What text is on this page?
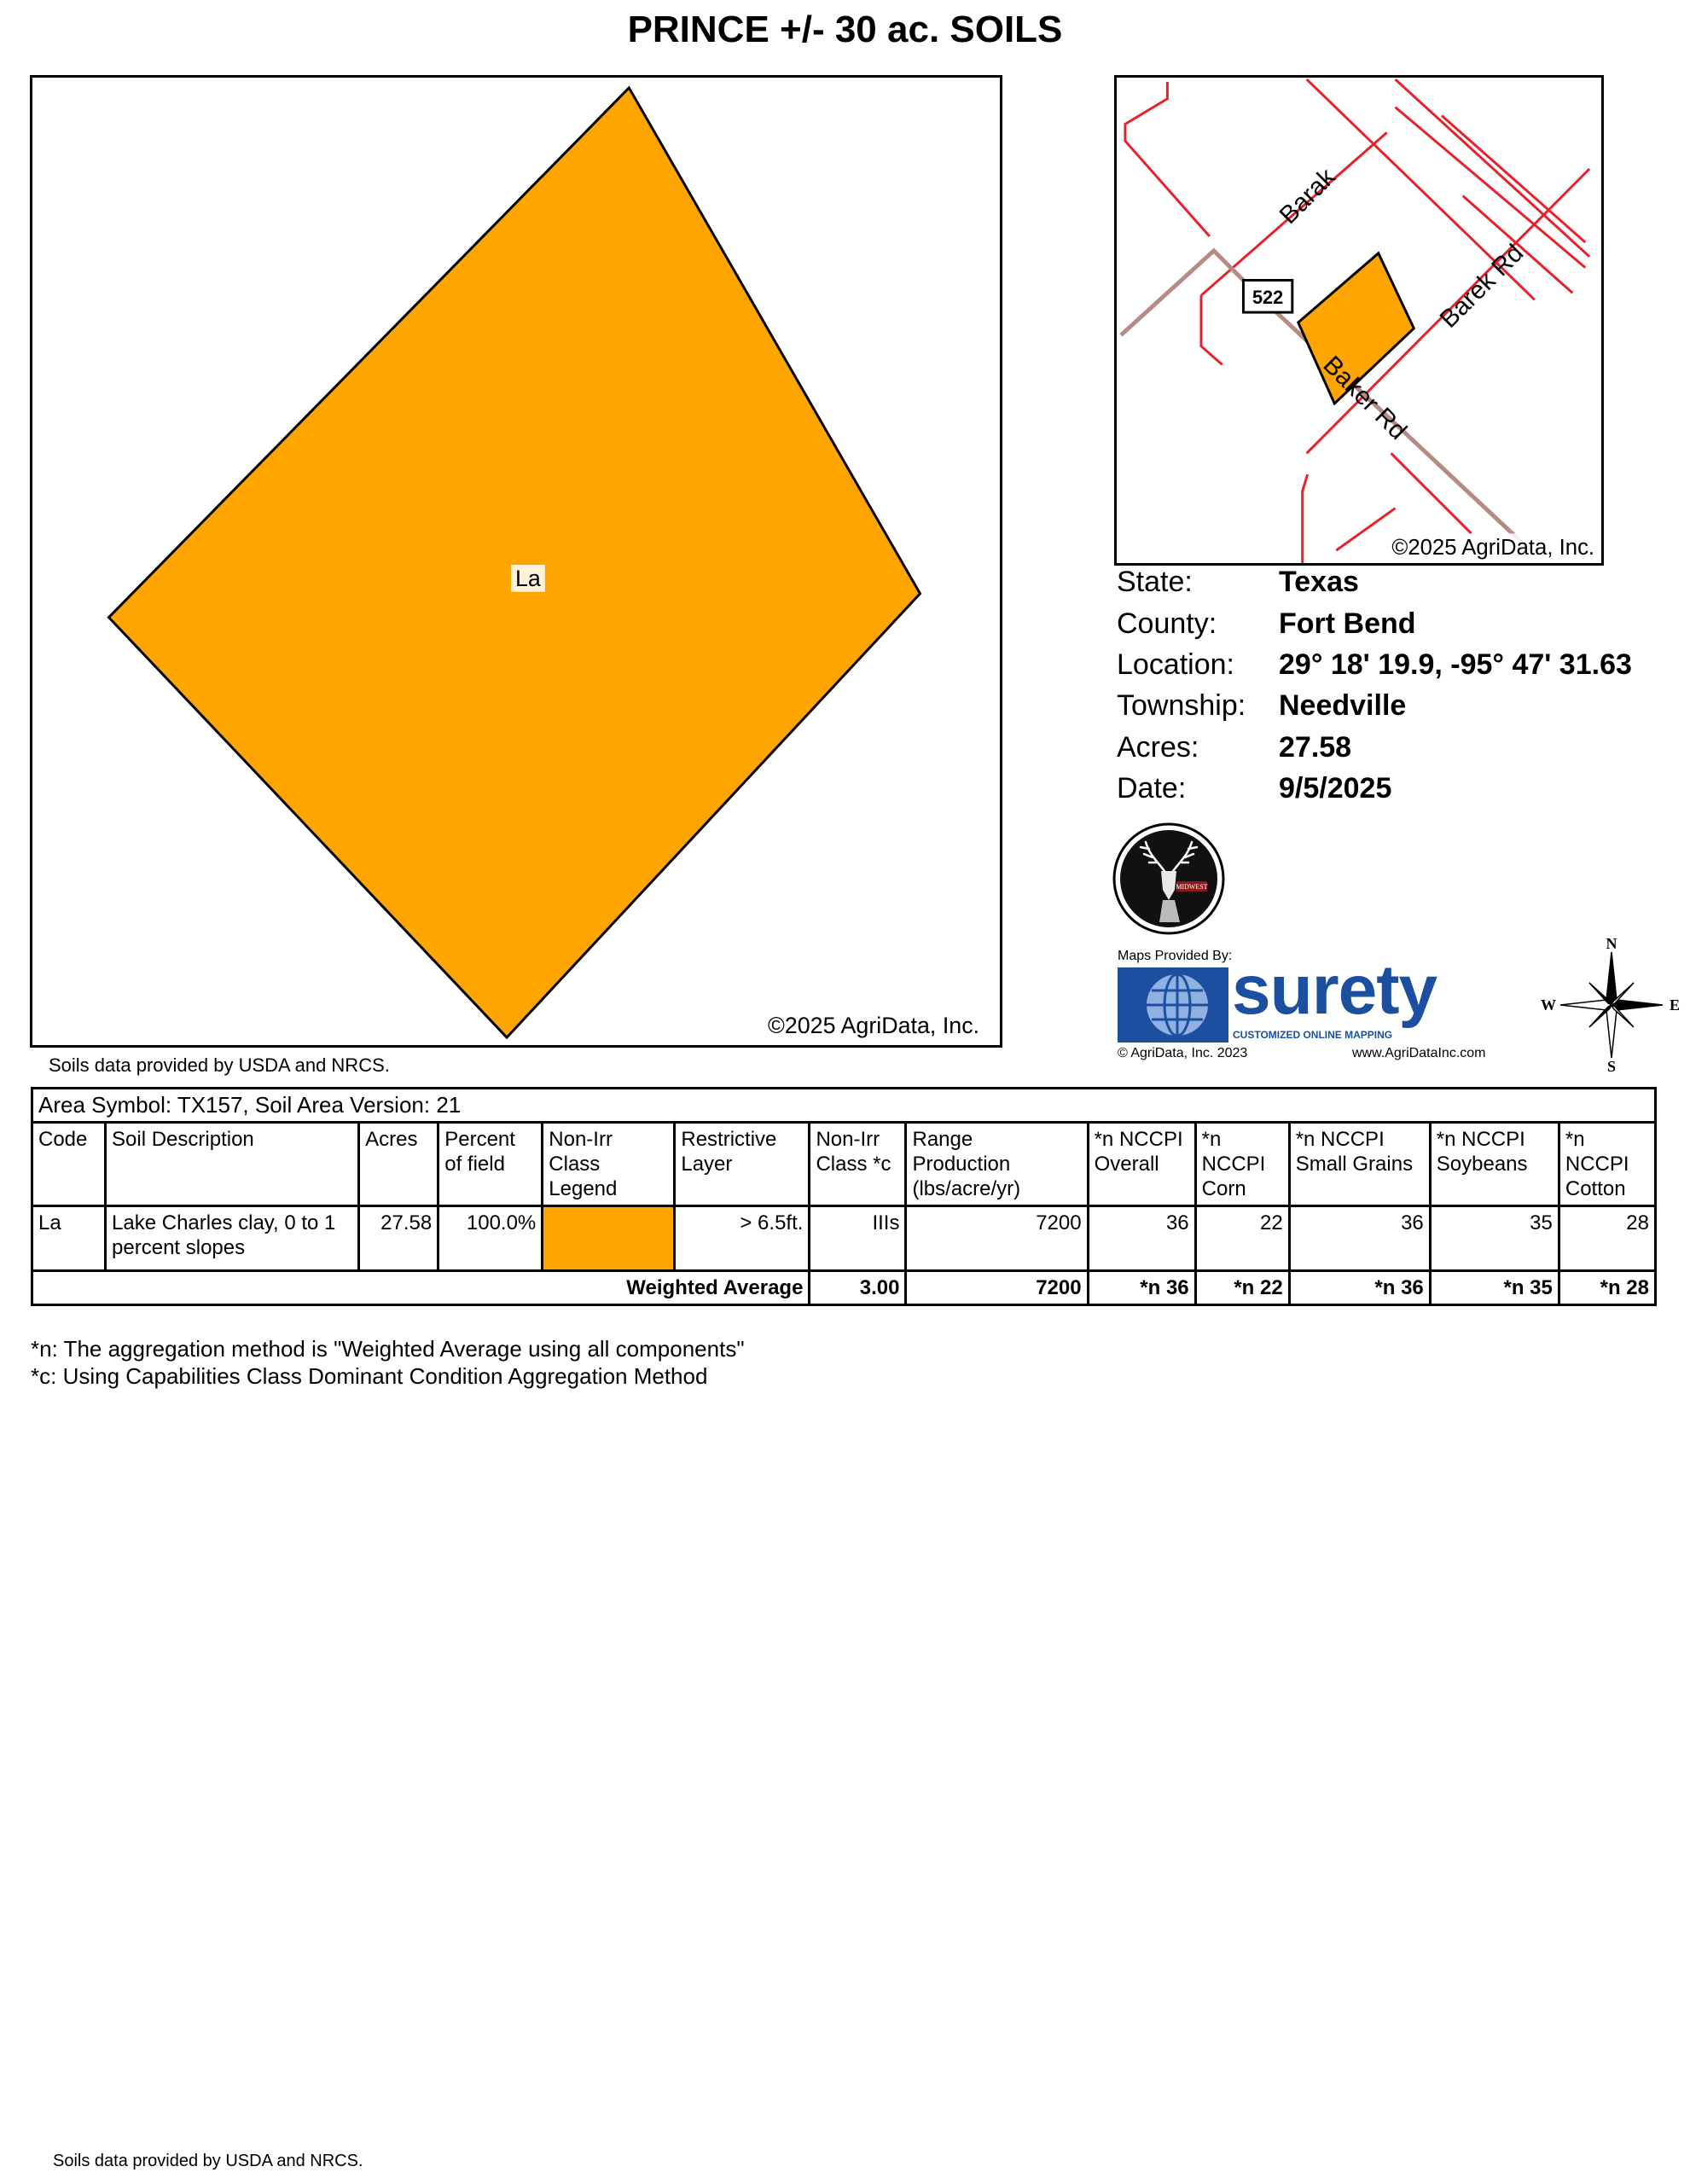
PRINCE +/- 30 ac. SOILS
La
©2025 AgriData, Inc.
522
Barak
Barek Rd
Baker Rd
©2025 AgriData, Inc.
State:	Texas
County: Fort Bend
Location: 29° 18' 19.9, -95° 47' 31.63
Township: Needville
Acres:	27.58
Date:	9/5/2025
MIDWEST
Maps Provided By: surety
CUSTOMIZED ONLINE MAPPING
© AgriData, Inc. 2023	www.AgriDataInc.com
N
S
E
W
Soils data provided by USDA and NRCS.
Area Symbol: TX157, Soil Area Version: 21												
Code	Soil Description	Acres	Percent
of field	Non-Irr
Class
Legend	Restrictive
Layer	Non-Irr
Class *c	Range
Production
(lbs/acre/yr)	*n NCCPI
Overall	*n
NCCPI
Corn	*n NCCPI
Small Grains	*n NCCPI
Soybeans	*n
NCCPI
Cotton
La	Lake Charles clay, 0 to 1
percent slopes	27.58	100.0%		> 6.5ft.	IIIs	7200	36	22	36	35	28
Weighted Average						3.00	7200	*n 36	*n 22	*n 36	*n 35	*n 28
*n: The aggregation method is "Weighted Average using all components"
*c: Using Capabilities Class Dominant Condition Aggregation Method
Soils data provided by USDA and NRCS.
